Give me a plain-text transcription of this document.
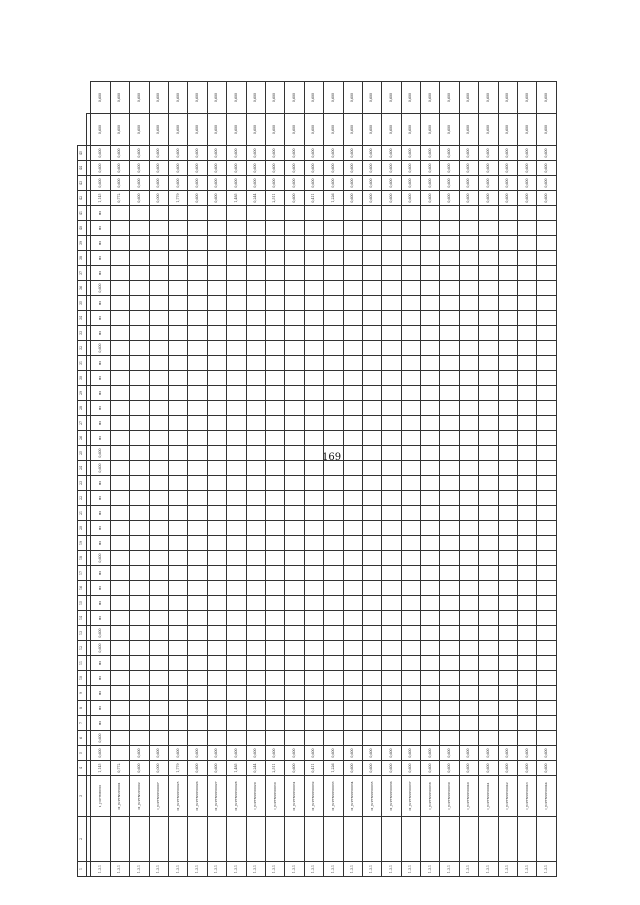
169
1	2	3	4	5	6	7	8	9	10	11	12	13	14	15	16	17	18	19	20	21	22	23	24	25	26	27	28	29	30	31	32	33	34	35	36	37	38	39	40	41	42	43	44	45		

1.3.1		1_JtrPTNUP00	1,145	0,600	0,600	нз	нз	нз	нз	нз	0,600	0,600	нз	нз	нз	нз	0,600	нз	нз	нз	нз	нз	0,600	0,600	нз	нз	нз	нз	нз	нз	0,600	нз	нз	нз	0,600	нз	нз	нз	нз	нз	1,145	0,600	0,600	0,600	0,600	0,600
1.3.1		M_JtrPTNUP0001	0,772																																						0,772	0,600	0,600	0,600	0,600	0,600
1.3.1		M_JtrPTNUP0002	0,600	0,600																																					0,600	0,600	0,600	0,600	0,600	0,600
1.3.1		I_JtrPTNUP00007	0,000	0,600																																					0,000	0,600	0,600	0,600	0,600	0,600
1.3.1		M_JtrPTNUP00025	1,779	0,600																																					1,779	0,600	0,600	0,600	0,600	0,600
1.3.1		M_JtrPTNUP00026	0,600	0,600																																					0,600	0,600	0,600	0,600	0,600	0,600
1.3.1		M_JtrPTNUP00027	0,600	0,600																																					0,600	0,600	0,600	0,600	0,600	0,600
1.3.1		M_JtrPTNUP00028	1,485	0,600																																					1,485	0,600	0,600	0,600	0,600	0,600
1.3.1		I_JtrPTNUP00029	0,244	0,600																																					0,244	0,600	0,600	0,600	0,600	0,600
1.3.1		I_JtrPTNUP00030	2,511	0,600																																					2,511	0,600	0,600	0,600	0,600	0,600
1.3.1		M_JtrPTNUP00031	0,600	0,600																																					0,600	0,600	0,600	0,600	0,600	0,600
1.3.1		M_JtrPTNUP00032	0,411	0,600																																					0,411	0,600	0,600	0,600	0,600	0,600
1.3.1		M_JtrPTNUP00033	1,226	0,600																																					1,226	0,600	0,600	0,600	0,600	0,600
1.3.1		M_JtrPTNUP00034	0,600	0,600																																					0,600	0,600	0,600	0,600	0,600	0,600
1.3.1		M_JtrPTNUP00035	0,600	0,600																																					0,600	0,600	0,600	0,600	0,600	0,600
1.3.1		M_JtrPTNUP00036	0,600	0,600																																					0,600	0,600	0,600	0,600	0,600	0,600
1.3.1		M_JtrPTNUP00037	0,600	0,600																																					0,600	0,600	0,600	0,600	0,600	0,600
1.3.1		I_JtrPTNUP00038	0,600	0,600																																					0,600	0,600	0,600	0,600	0,600	0,600
1.3.1		I_JtrPTNUP00039	0,600	0,600																																					0,600	0,600	0,600	0,600	0,600	0,600
1.3.1		I_JtrPTNUP00040	0,600	0,600																																					0,600	0,600	0,600	0,600	0,600	0,600
1.3.1		I_JtrPTNUP00041	0,600	0,600																																					0,600	0,600	0,600	0,600	0,600	0,600
1.3.1		I_JtrPTNUP00042	0,600	0,600																																					0,600	0,600	0,600	0,600	0,600	0,600
1.3.1		I_JtrPTNUP00043	0,600	0,600																																					0,600	0,600	0,600	0,600	0,600	0,600
1.3.1		I_JtrPTNUP00044	0,600	0,600																																					0,600	0,600	0,600	0,600	0,600	0,600
